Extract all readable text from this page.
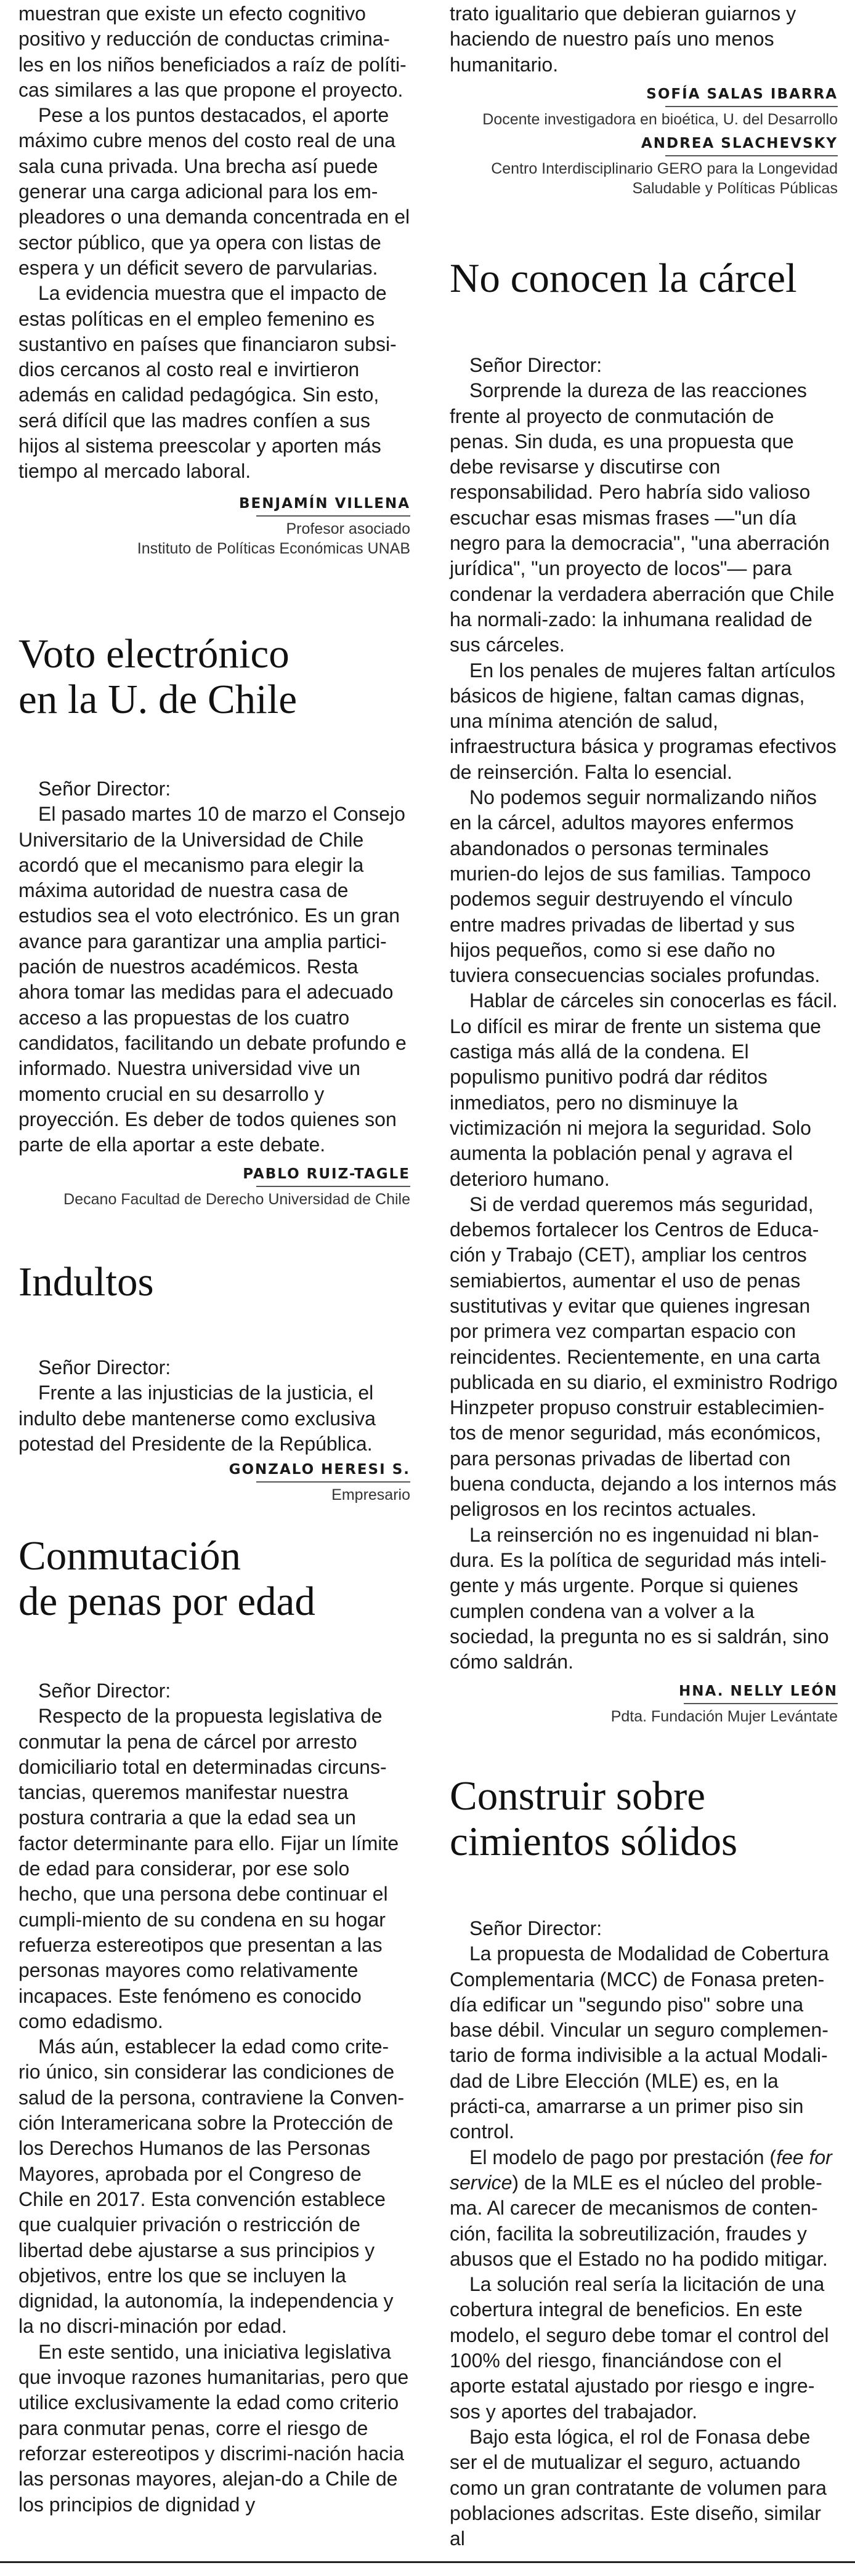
muestran que existe un efecto cognitivo positivo y reducción de conductas crimina-les en los niños beneficiados a raíz de políti-cas similares a las que propone el proyecto.

Pese a los puntos destacados, el aporte máximo cubre menos del costo real de una sala cuna privada. Una brecha así puede generar una carga adicional para los em-pleadores o una demanda concentrada en el sector público, que ya opera con listas de espera y un déficit severo de parvularias.

La evidencia muestra que el impacto de estas políticas en el empleo femenino es sustantivo en países que financiaron subsi-dios cercanos al costo real e invirtieron además en calidad pedagógica. Sin esto, será difícil que las madres confíen a sus hijos al sistema preescolar y aporten más tiempo al mercado laboral.

BENJAMÍN VILLENA

Profesor asociado

Instituto de Políticas Económicas UNAB

Voto electrónico
en la U. de Chile

Señor Director:

El pasado martes 10 de marzo el Consejo Universitario de la Universidad de Chile acordó que el mecanismo para elegir la máxima autoridad de nuestra casa de estudios sea el voto electrónico. Es un gran avance para garantizar una amplia partici-pación de nuestros académicos. Resta ahora tomar las medidas para el adecuado acceso a las propuestas de los cuatro candidatos, facilitando un debate profundo e informado. Nuestra universidad vive un momento crucial en su desarrollo y proyección. Es deber de todos quienes son parte de ella aportar a este debate.

PABLO RUIZ-TAGLE

Decano Facultad de Derecho Universidad de Chile

Indultos

Señor Director:

Frente a las injusticias de la justicia, el indulto debe mantenerse como exclusiva potestad del Presidente de la República.

GONZALO HERESI S.

Empresario

Conmutación
de penas por edad

Señor Director:

Respecto de la propuesta legislativa de conmutar la pena de cárcel por arresto domiciliario total en determinadas circuns-tancias, queremos manifestar nuestra postura contraria a que la edad sea un factor determinante para ello. Fijar un límite de edad para considerar, por ese solo hecho, que una persona debe continuar el cumpli-miento de su condena en su hogar refuerza estereotipos que presentan a las personas mayores como relativamente incapaces. Este fenómeno es conocido como edadismo.

Más aún, establecer la edad como crite-rio único, sin considerar las condiciones de salud de la persona, contraviene la Conven-ción Interamericana sobre la Protección de los Derechos Humanos de las Personas Mayores, aprobada por el Congreso de Chile en 2017. Esta convención establece que cualquier privación o restricción de libertad debe ajustarse a sus principios y objetivos, entre los que se incluyen la dignidad, la autonomía, la independencia y la no discri-minación por edad.

En este sentido, una iniciativa legislativa que invoque razones humanitarias, pero que utilice exclusivamente la edad como criterio para conmutar penas, corre el riesgo de reforzar estereotipos y discrimi-nación hacia las personas mayores, alejan-do a Chile de los principios de dignidad y

trato igualitario que debieran guiarnos y haciendo de nuestro país uno menos humanitario.

SOFÍA SALAS IBARRA

Docente investigadora en bioética, U. del Desarrollo

ANDREA SLACHEVSKY

Centro Interdisciplinario GERO para la Longevidad

Saludable y Políticas Públicas

No conocen la cárcel

Señor Director:

Sorprende la dureza de las reacciones frente al proyecto de conmutación de penas. Sin duda, es una propuesta que debe revisarse y discutirse con responsabilidad. Pero habría sido valioso escuchar esas mismas frases —"un día negro para la democracia", "una aberración jurídica", "un proyecto de locos"— para condenar la verdadera aberración que Chile ha normali-zado: la inhumana realidad de sus cárceles.

En los penales de mujeres faltan artículos básicos de higiene, faltan camas dignas, una mínima atención de salud, infraestructura básica y programas efectivos de reinserción. Falta lo esencial.

No podemos seguir normalizando niños en la cárcel, adultos mayores enfermos abandonados o personas terminales murien-do lejos de sus familias. Tampoco podemos seguir destruyendo el vínculo entre madres privadas de libertad y sus hijos pequeños, como si ese daño no tuviera consecuencias sociales profundas.

Hablar de cárceles sin conocerlas es fácil. Lo difícil es mirar de frente un sistema que castiga más allá de la condena. El populismo punitivo podrá dar réditos inmediatos, pero no disminuye la victimización ni mejora la seguridad. Solo aumenta la población penal y agrava el deterioro humano.

Si de verdad queremos más seguridad, debemos fortalecer los Centros de Educa-ción y Trabajo (CET), ampliar los centros semiabiertos, aumentar el uso de penas sustitutivas y evitar que quienes ingresan por primera vez compartan espacio con reincidentes. Recientemente, en una carta publicada en su diario, el exministro Rodrigo Hinzpeter propuso construir establecimien-tos de menor seguridad, más económicos, para personas privadas de libertad con buena conducta, dejando a los internos más peligrosos en los recintos actuales.

La reinserción no es ingenuidad ni blan-dura. Es la política de seguridad más inteli-gente y más urgente. Porque si quienes cumplen condena van a volver a la sociedad, la pregunta no es si saldrán, sino cómo saldrán.

HNA. NELLY LEÓN

Pdta. Fundación Mujer Levántate

Construir sobre
cimientos sólidos

Señor Director:

La propuesta de Modalidad de Cobertura Complementaria (MCC) de Fonasa preten-día edificar un "segundo piso" sobre una base débil. Vincular un seguro complemen-tario de forma indivisible a la actual Modali-dad de Libre Elección (MLE) es, en la prácti-ca, amarrarse a un primer piso sin control.

El modelo de pago por prestación (fee for service) de la MLE es el núcleo del proble-ma. Al carecer de mecanismos de conten-ción, facilita la sobreutilización, fraudes y abusos que el Estado no ha podido mitigar.

La solución real sería la licitación de una cobertura integral de beneficios. En este modelo, el seguro debe tomar el control del 100% del riesgo, financiándose con el aporte estatal ajustado por riesgo e ingre-sos y aportes del trabajador.

Bajo esta lógica, el rol de Fonasa debe ser el de mutualizar el seguro, actuando como un gran contratante de volumen para poblaciones adscritas. Este diseño, similar al
